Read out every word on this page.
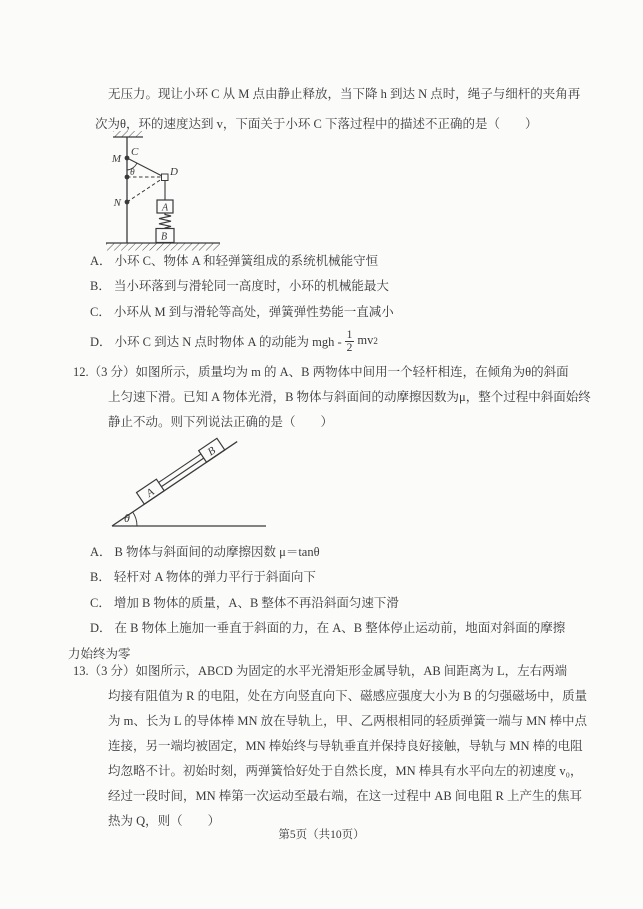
无压力。现让小环 C 从 M 点由静止释放，当下降 h 到达 N 点时，绳子与细杆的夹角再
次为θ，环的速度达到 v，下面关于小环 C 下落过程中的描述不正确的是（　　）
M
C
θ	D
N	A
B
A． 小环 C、物体 A 和轻弹簧组成的系统机械能守恒
B． 当小环落到与滑轮同一高度时，小环的机械能最大
C． 小环从 M 到与滑轮等高处，弹簧弹性势能一直减小
D． 小环 C 到达 N 点时物体 A 的动能为 mgh - $\frac{1}{2}$ mv 2
12.（3 分）如图所示，质量均为 m 的 A、B 两物体中间用一个轻杆相连，在倾角为θ的斜面
上匀速下滑。已知 A 物体光滑，B 物体与斜面间的动摩擦因数为μ，整个过程中斜面始终
静止不动。则下列说法正确的是（　　）
A
B
θ
A． B 物体与斜面间的动摩擦因数 μ＝tanθ
B． 轻杆对 A 物体的弹力平行于斜面向下
C． 增加 B 物体的质量，A、B 整体不再沿斜面匀速下滑
D． 在 B 物体上施加一垂直于斜面的力，在 A、B 整体停止运动前，地面对斜面的摩擦
力始终为零
13.（3 分）如图所示，ABCD 为固定的水平光滑矩形金属导轨，AB 间距离为 L，左右两端
均接有阻值为 R 的电阻，处在方向竖直向下、磁感应强度大小为 B 的匀强磁场中，质量
为 m、长为 L 的导体棒 MN 放在导轨上，甲、乙两根相同的轻质弹簧一端与 MN 棒中点
连接，另一端均被固定，MN 棒始终与导轨垂直并保持良好接触，导轨与 MN 棒的电阻
均忽略不计。初始时刻，两弹簧恰好处于自然长度，MN 棒具有水平向左的初速度 v₀，
经过一段时间，MN 棒第一次运动至最右端，在这一过程中 AB 间电阻 R 上产生的焦耳
热为 Q，则（　　）
第5页（共10页）
